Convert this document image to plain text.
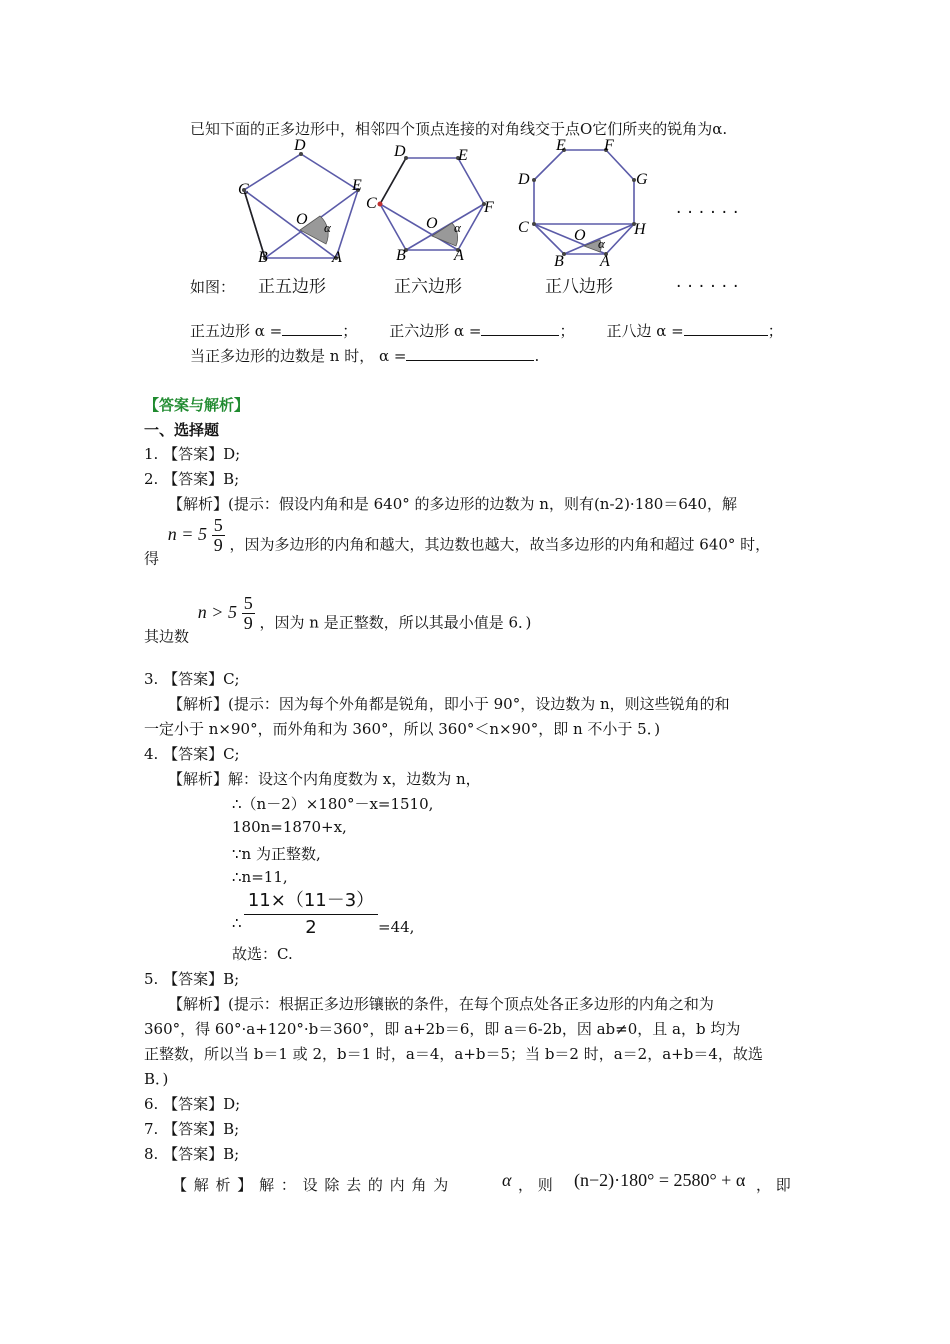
已知下面的正多边形中，相邻四个顶点连接的对角线交于点O它们所夹的锐角为α.
D
E
C
O
B	A
α
D	E
C	F
O
B	A
α
E F
D	G
C	H
O
B A
α
......
如图： 正五边形	正六边形	正八边形	......
正五边形 α =	； 正六边形 α =	； 正八边 α =	；
当正多边形的边数是 n 时， α =	.
【答案与解析】
一、选择题
1. 【答案】D;
2. 【答案】B;
【解析】(提示：假设内角和是 640° 的多边形的边数为 n，则有(n-2)·180＝640，解
得 $n = 5 \frac{5}{9}$ ，因为多边形的内角和越大，其边数也越大，故当多边形的内角和超过 640° 时，
其边数 $n > 5 \frac{5}{9}$ ，因为 n 是正整数，所以其最小值是 6．)
3. 【答案】C;
【解析】(提示：因为每个外角都是锐角，即小于 90°，设边数为 n，则这些锐角的和
一定小于 n×90°，而外角和为 360°，所以 360°＜n×90°，即 n 不小于 5．)
4. 【答案】C;
【解析】解：设这个内角度数为 x，边数为 n，
∴（n－2）×180°－x=1510,
180n=1870+x,
∵n 为正整数,
∴n=11,
∴ $\frac{11\times(11-3)}{2} =44$,
故选：C.
5. 【答案】B;
【解析】(提示：根据正多边形镶嵌的条件，在每个顶点处各正多边形的内角之和为
360°，得 60°·a+120°·b＝360°，即 a+2b＝6，即 a＝6-2b，因 ab≠0，且 a，b 均为
正整数，所以当 b＝1 或 2，b＝1 时，a＝4，a+b＝5；当 b＝2 时，a＝2，a+b＝4，故选
B．)
6. 【答案】D;
7. 【答案】B;
8. 【答案】B;
【 解 析 】 解 ： 设 除 去 的 内 角 为	α ， 则 (n−2)·180° = 2580° + α ， 即
